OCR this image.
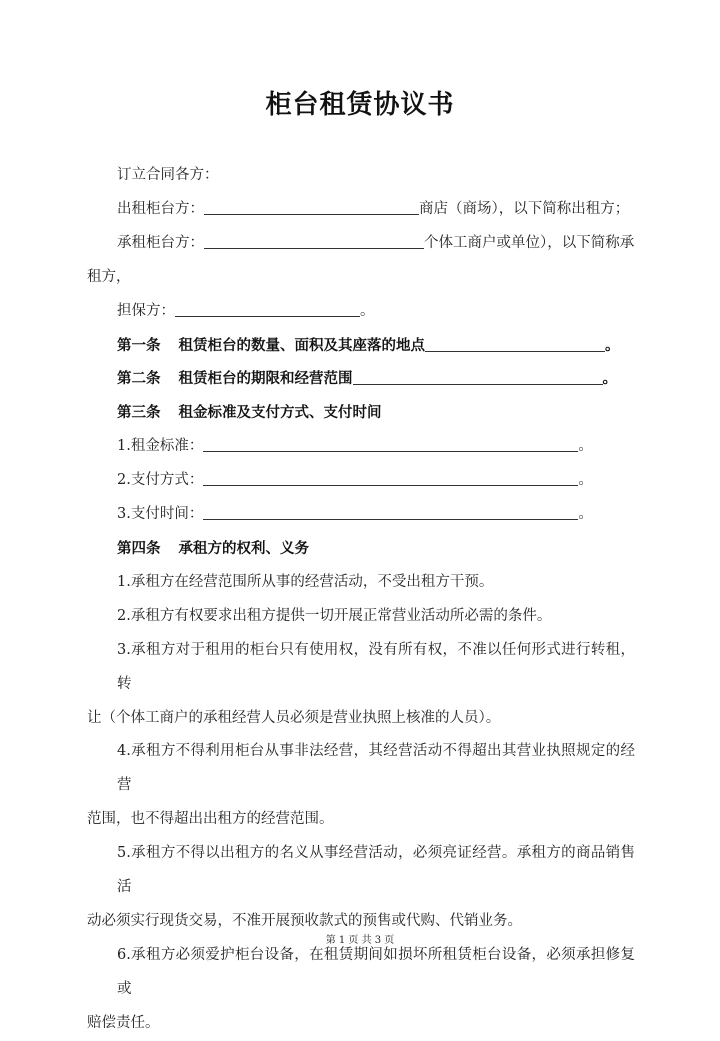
柜台租赁协议书
订立合同各方：
出租柜台方：	商店（商场），以下简称出租方；
承租柜台方：	个体工商户或单位），以下简称承
租方，
担保方：	。
第一条 租赁柜台的数量、面积及其座落的地点	。
第二条 租赁柜台的期限和经营范围	。
第三条 租金标准及支付方式、支付时间
1.租金标准：	。
2.支付方式：	。
3.支付时间：	。
第四条 承租方的权利、义务
1.承租方在经营范围所从事的经营活动，不受出租方干预。
2.承租方有权要求出租方提供一切开展正常营业活动所必需的条件。
3.承租方对于租用的柜台只有使用权，没有所有权，不准以任何形式进行转租，转
让（个体工商户的承租经营人员必须是营业执照上核准的人员）。
4.承租方不得利用柜台从事非法经营，其经营活动不得超出其营业执照规定的经营
范围，也不得超出出租方的经营范围。
5.承租方不得以出租方的名义从事经营活动，必须亮证经营。承租方的商品销售活
动必须实行现货交易，不准开展预收款式的预售或代购、代销业务。
6.承租方必须爱护柜台设备，在租赁期间如损坏所租赁柜台设备，必须承担修复或
赔偿责任。
第 1 页 共 3 页
